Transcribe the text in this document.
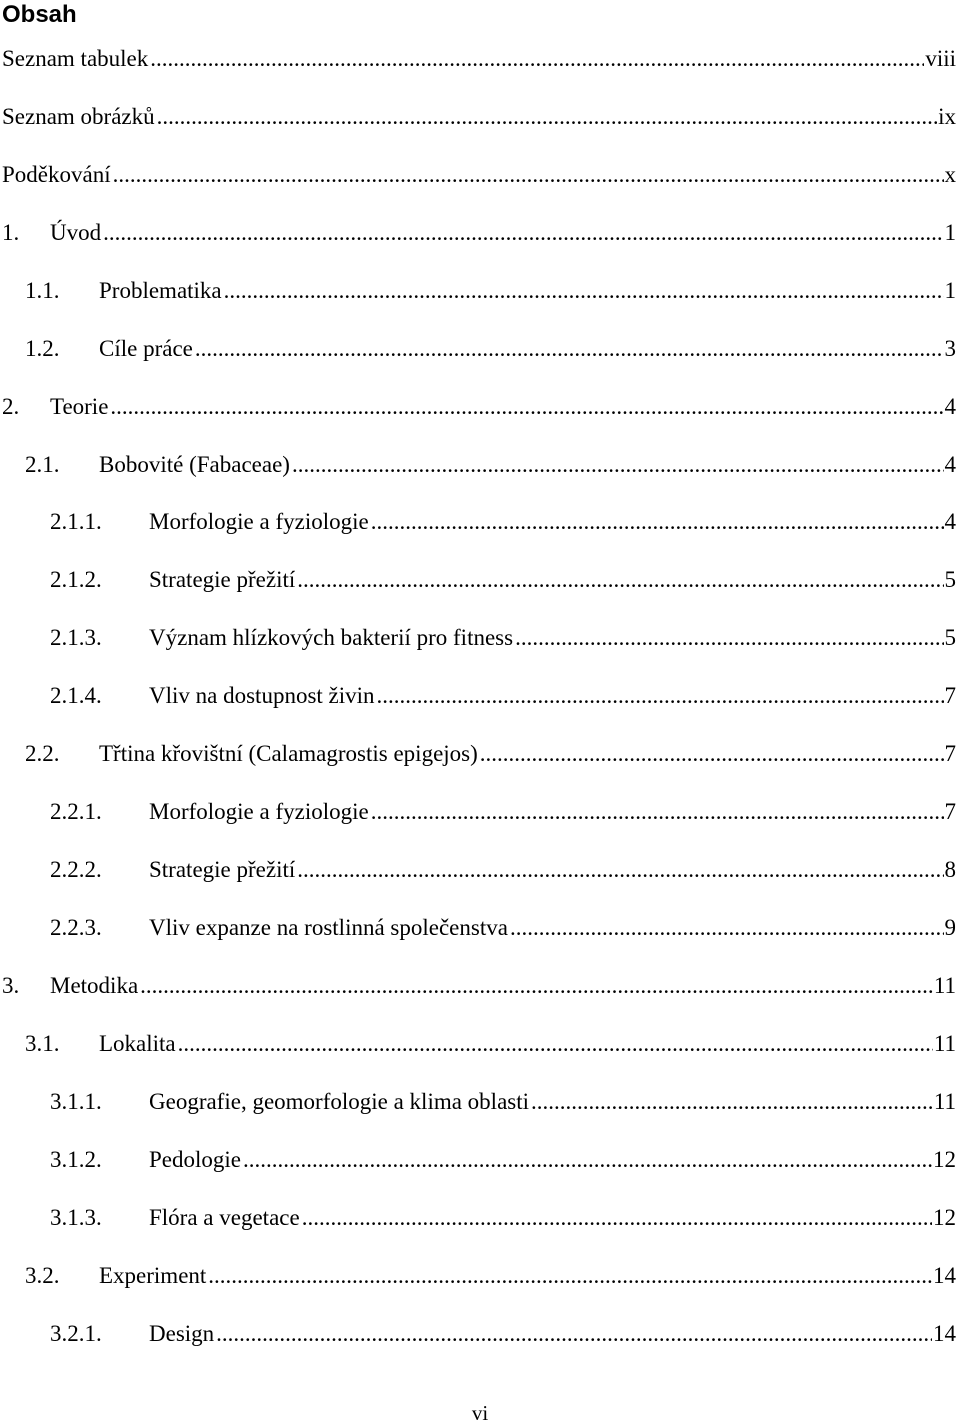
Obsah
Seznam tabulek .....	viii
Seznam obrázků .....	ix
Poděkování .....	x
1.	Úvod .....	1
1.1.	Problematika .....	1
1.2.	Cíle práce .....	3
2.	Teorie .....	4
2.1.	Bobovité (Fabaceae) .....	4
2.1.1.	Morfologie a fyziologie .....	4
2.1.2.	Strategie přežití .....	5
2.1.3.	Význam hlízkových bakterií pro fitness .....	5
2.1.4.	Vliv na dostupnost živin .....	7
2.2.	Třtina křovištní (Calamagrostis epigejos) .....	7
2.2.1.	Morfologie a fyziologie .....	7
2.2.2.	Strategie přežití .....	8
2.2.3.	Vliv expanze na rostlinná společenstva .....	9
3.	Metodika .....	11
3.1.	Lokalita .....	11
3.1.1.	Geografie, geomorfologie a klima oblasti .....	11
3.1.2.	Pedologie .....	12
3.1.3.	Flóra a vegetace .....	12
3.2.	Experiment .....	14
3.2.1.	Design .....	14
vi
